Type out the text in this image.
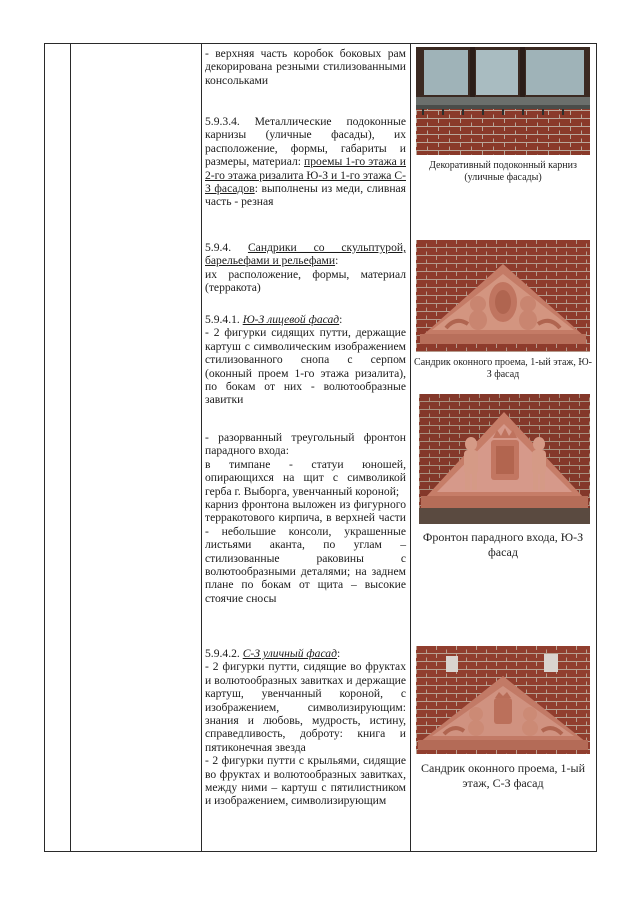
- верхняя часть коробок боковых рам декорирована резными стилизованными консольками

5.9.3.4. Металлические подоконные карнизы (уличные фасады), их расположение, формы, габариты и размеры, материал: проемы 1-го этажа и 2-го этажа ризалита Ю-З и 1-го этажа С-З фасадов: выполнены из меди, сливная часть - резная

5.9.4. Сандрики со скульптурой, барельефами и рельефами:

их расположение, формы, материал (терракота)

5.9.4.1. Ю-З лицевой фасад:

- 2 фигурки сидящих путти, держащие картуш с символическим изображением стилизованного снопа с серпом (оконный проем 1-го этажа ризалита), по бокам от них - волютообразные завитки

- разорванный треугольный фронтон парадного входа:

в тимпане - статуи юношей, опирающихся на щит с символикой герба г. Выборга, увенчанный короной;

карниз фронтона выложен из фигурного терракотового кирпича, в верхней части - небольшие консоли, украшенные листьями аканта, по углам – стилизованные раковины с волютообразными деталями; на заднем плане по бокам от щита – высокие стоячие сносы

5.9.4.2. С-З уличный фасад:

- 2 фигурки путти, сидящие во фруктах и волютообразных завитках и держащие картуш, увенчанный короной, с изображением, символизирующим: знания и любовь, мудрость, истину, справедливость, доброту: книга и пятиконечная звезда

- 2 фигурки путти с крыльями, сидящие во фруктах и волютообразных завитках, между ними – картуш с пятилистником и изображением, символизирующим

Декоративный подоконный карниз (уличные фасады)
Сандрик оконного проема, 1-ый этаж, Ю-З фасад
Фронтон парадного входа, Ю-З фасад
Сандрик оконного проема, 1-ый этаж, С-З фасад
